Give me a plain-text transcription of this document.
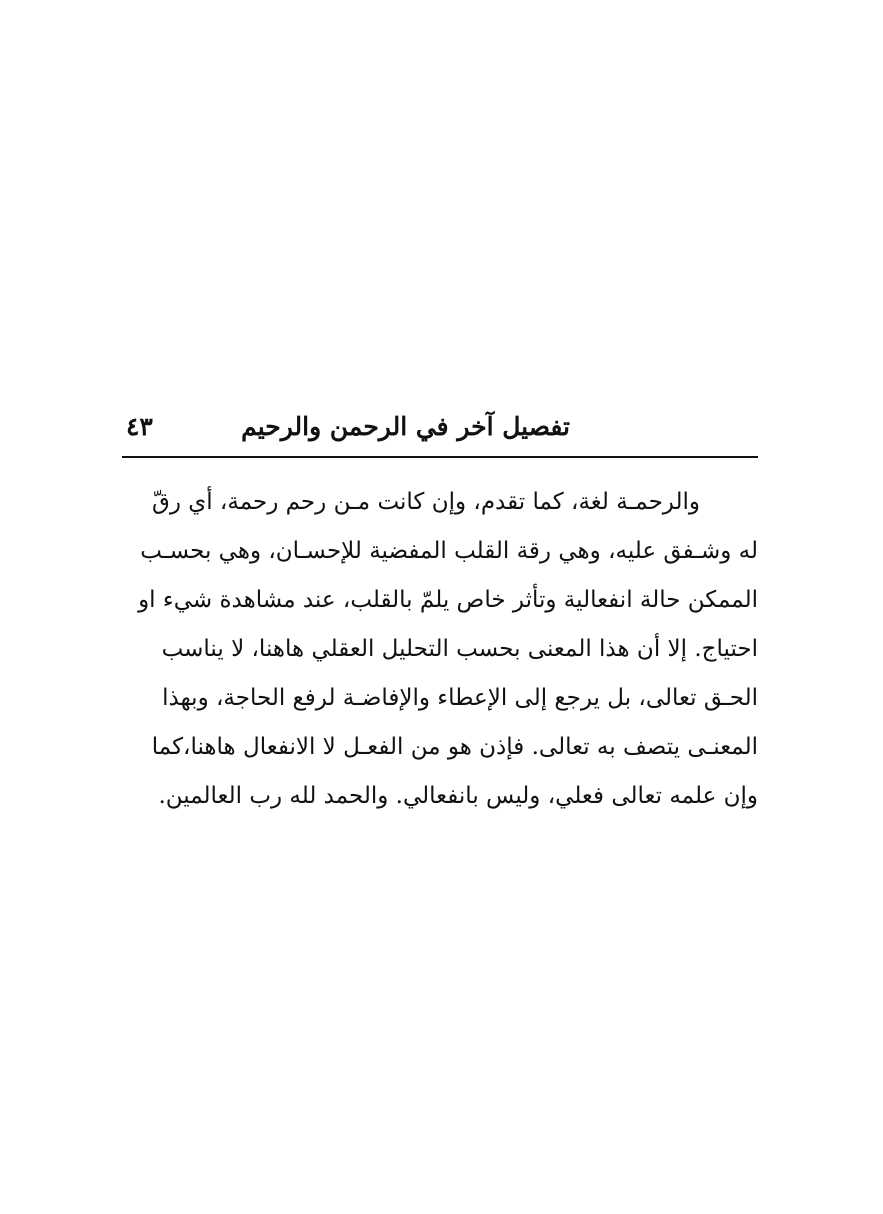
تفصيل آخر في الرحمن والرحيم
٤٣
والرحمـة لغة، كما تقدم، وإن كانت مـن رحم رحمة، أي رقّ
له وشـفق عليه، وهي رقة القلب المفضية للإحسـان، وهي بحسـب
الممكن حالة انفعالية وتأثر خاص يلمّ بالقلب، عند مشاهدة شيء او
احتياج. إلا أن هذا المعنى بحسب التحليل العقلي هاهنا، لا يناسب
الحـق تعالى، بل يرجع إلى الإعطاء والإفاضـة لرفع الحاجة، وبهذا
المعنـى يتصف به تعالى. فإذن هو من الفعـل لا الانفعال هاهنا،كما
وإن علمه تعالى فعلي، وليس بانفعالي. والحمد لله رب العالمين.
